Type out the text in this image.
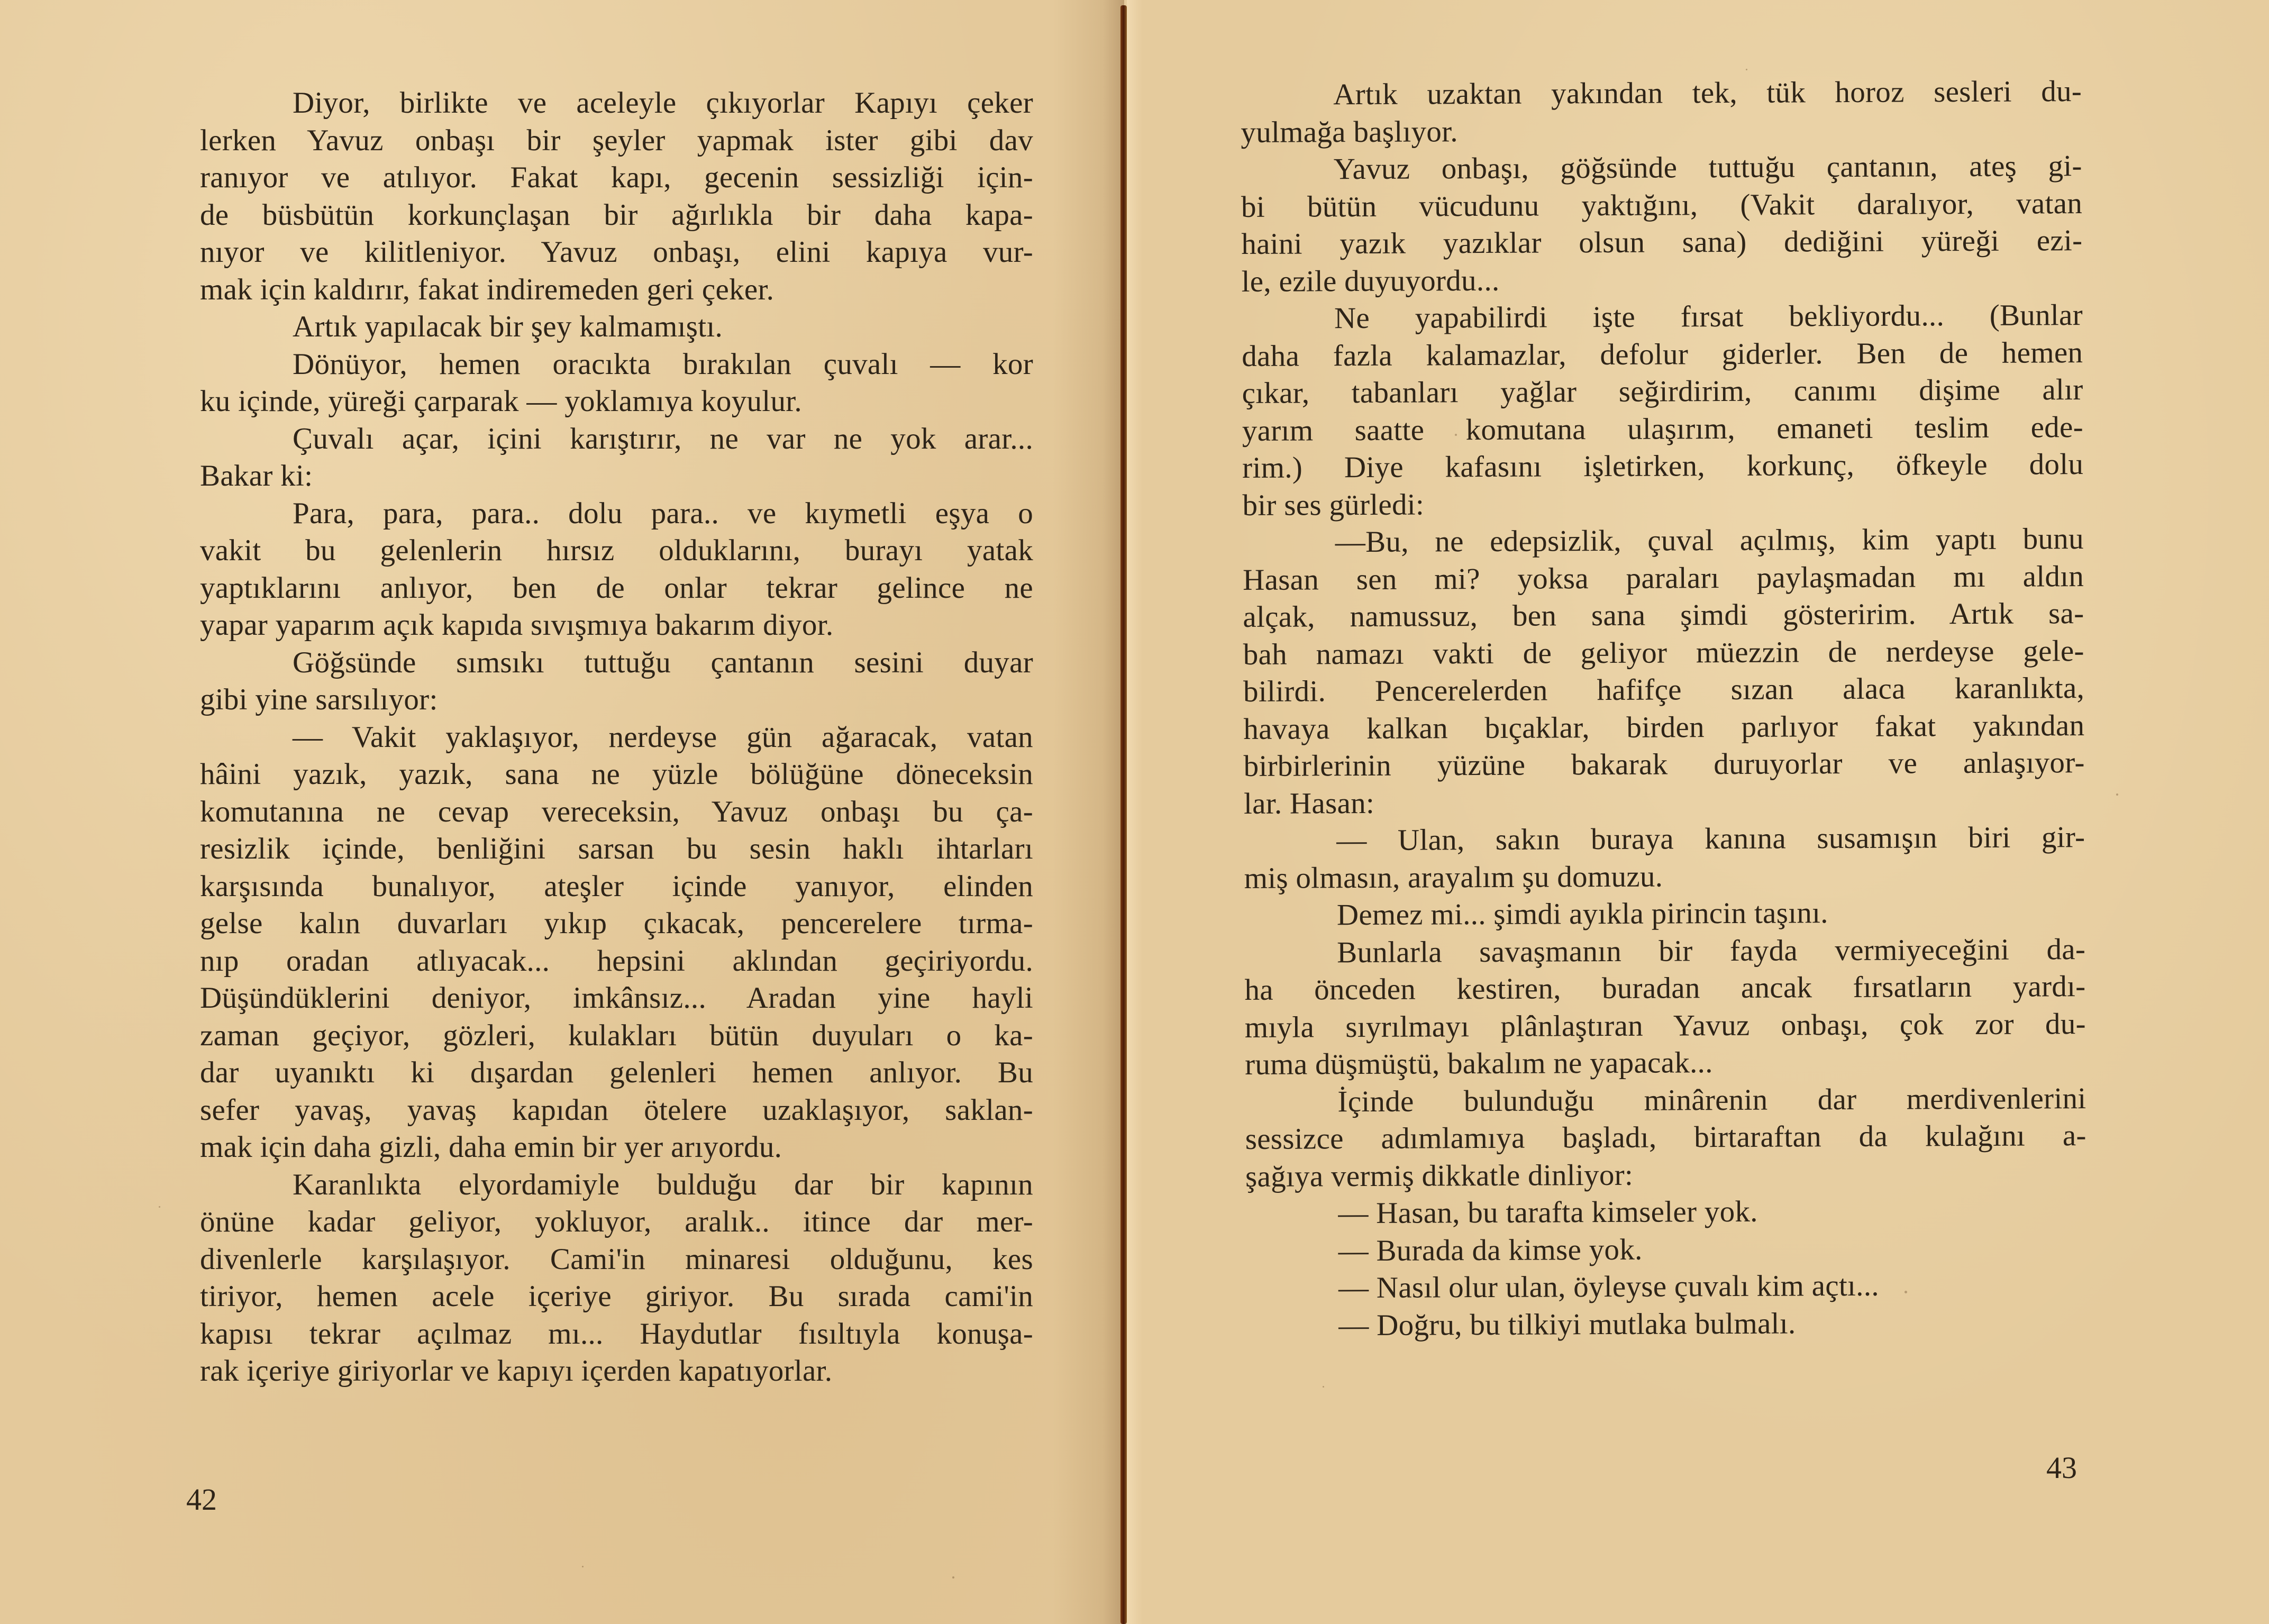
Diyor, birlikte ve aceleyle çıkıyorlar Kapıyı çeker
lerken Yavuz onbaşı bir şeyler yapmak ister gibi dav
ranıyor ve atılıyor. Fakat kapı, gecenin sessizliği için-
de büsbütün korkunçlaşan bir ağırlıkla bir daha kapa-
nıyor ve kilitleniyor. Yavuz onbaşı, elini kapıya vur-
mak için kaldırır, fakat indiremeden geri çeker.
Artık yapılacak bir şey kalmamıştı.
Dönüyor, hemen oracıkta bırakılan çuvalı — kor
ku içinde, yüreği çarparak — yoklamıya koyulur.
Çuvalı açar, içini karıştırır, ne var ne yok arar...
Bakar ki:
Para, para, para.. dolu para.. ve kıymetli eşya o
vakit bu gelenlerin hırsız olduklarını, burayı yatak
yaptıklarını anlıyor, ben de onlar tekrar gelince ne
yapar yaparım açık kapıda sıvışmıya bakarım diyor.
Göğsünde sımsıkı tuttuğu çantanın sesini duyar
gibi yine sarsılıyor:
— Vakit yaklaşıyor, nerdeyse gün ağaracak, vatan
hâini yazık, yazık, sana ne yüzle bölüğüne döneceksin
komutanına ne cevap vereceksin, Yavuz onbaşı bu ça-
resizlik içinde, benliğini sarsan bu sesin haklı ihtarları
karşısında bunalıyor, ateşler içinde yanıyor, elinden
gelse kalın duvarları yıkıp çıkacak, pencerelere tırma-
nıp oradan atlıyacak... hepsini aklından geçiriyordu.
Düşündüklerini deniyor, imkânsız... Aradan yine hayli
zaman geçiyor, gözleri, kulakları bütün duyuları o ka-
dar uyanıktı ki dışardan gelenleri hemen anlıyor. Bu
sefer yavaş, yavaş kapıdan ötelere uzaklaşıyor, saklan-
mak için daha gizli, daha emin bir yer arıyordu.
Karanlıkta elyordamiyle bulduğu dar bir kapının
önüne kadar geliyor, yokluyor, aralık.. itince dar mer-
divenlerle karşılaşıyor. Cami'in minaresi olduğunu, kes
tiriyor, hemen acele içeriye giriyor. Bu sırada cami'in
kapısı tekrar açılmaz mı... Haydutlar fısıltıyla konuşa-
rak içeriye giriyorlar ve kapıyı içerden kapatıyorlar.
42
Artık uzaktan yakından tek, tük horoz sesleri du-
yulmağa başlıyor.
Yavuz onbaşı, göğsünde tuttuğu çantanın, ateş gi-
bi bütün vücudunu yaktığını, (Vakit daralıyor, vatan
haini yazık yazıklar olsun sana) dediğini yüreği ezi-
le, ezile duyuyordu...
Ne yapabilirdi işte fırsat bekliyordu... (Bunlar
daha fazla kalamazlar, defolur giderler. Ben de hemen
çıkar, tabanları yağlar seğirdirim, canımı dişime alır
yarım saatte komutana ulaşırım, emaneti teslim ede-
rim.) Diye kafasını işletirken, korkunç, öfkeyle dolu
bir ses gürledi:
—Bu, ne edepsizlik, çuval açılmış, kim yaptı bunu
Hasan sen mi? yoksa paraları paylaşmadan mı aldın
alçak, namussuz, ben sana şimdi gösteririm. Artık sa-
bah namazı vakti de geliyor müezzin de nerdeyse gele-
bilirdi. Pencerelerden hafifçe sızan alaca karanlıkta,
havaya kalkan bıçaklar, birden parlıyor fakat yakından
birbirlerinin yüzüne bakarak duruyorlar ve anlaşıyor-
lar. Hasan:
— Ulan, sakın buraya kanına susamışın biri gir-
miş olmasın, arayalım şu domuzu.
Demez mi... şimdi ayıkla pirincin taşını.
Bunlarla savaşmanın bir fayda vermiyeceğini da-
ha önceden kestiren, buradan ancak fırsatların yardı-
mıyla sıyrılmayı plânlaştıran Yavuz onbaşı, çok zor du-
ruma düşmüştü, bakalım ne yapacak...
İçinde bulunduğu minârenin dar merdivenlerini
sessizce adımlamıya başladı, birtaraftan da kulağını a-
şağıya vermiş dikkatle dinliyor:
— Hasan, bu tarafta kimseler yok.
— Burada da kimse yok.
— Nasıl olur ulan, öyleyse çuvalı kim açtı...
— Doğru, bu tilkiyi mutlaka bulmalı.
43
